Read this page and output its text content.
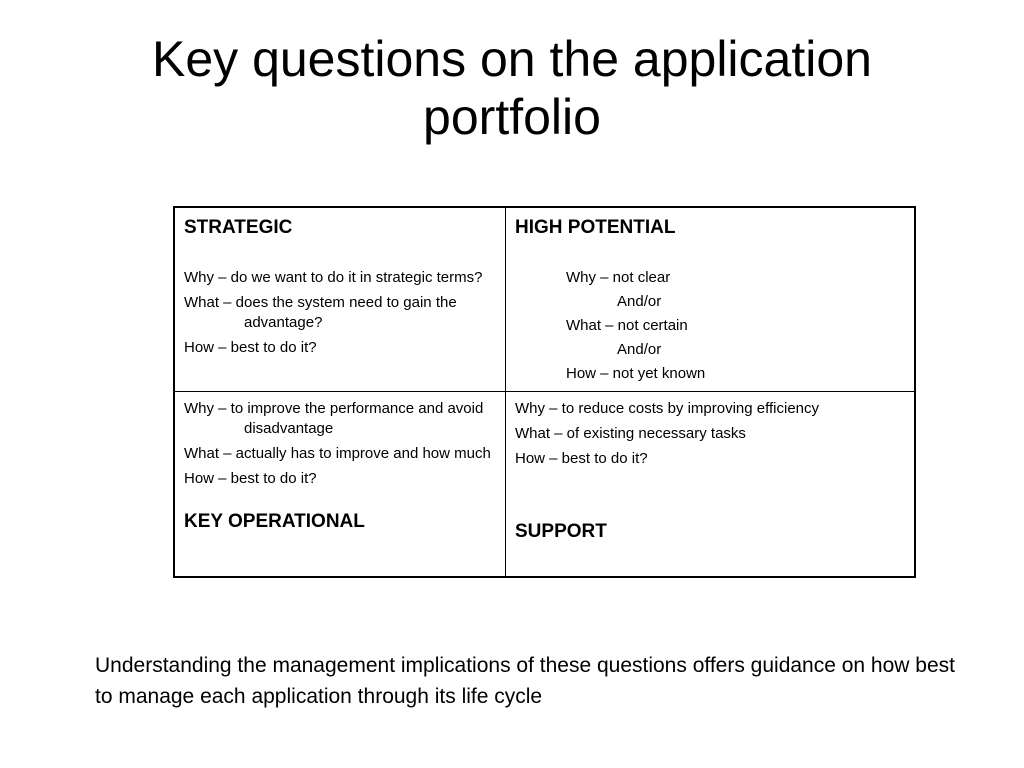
Key questions on the application
portfolio
STRATEGIC
Why – do we want to do it in strategic terms?
What – does the system need to gain the advantage?
How – best to do it?
HIGH POTENTIAL
Why – not clear
And/or
What – not certain
And/or
How – not yet known
Why – to improve the performance and avoid disadvantage
What – actually has to improve and how much
How – best to do it?
KEY OPERATIONAL
Why – to reduce costs by improving efficiency
What – of existing necessary tasks
How – best to do it?
SUPPORT
Understanding the management implications of these questions offers guidance on how best to manage each application through its life cycle
